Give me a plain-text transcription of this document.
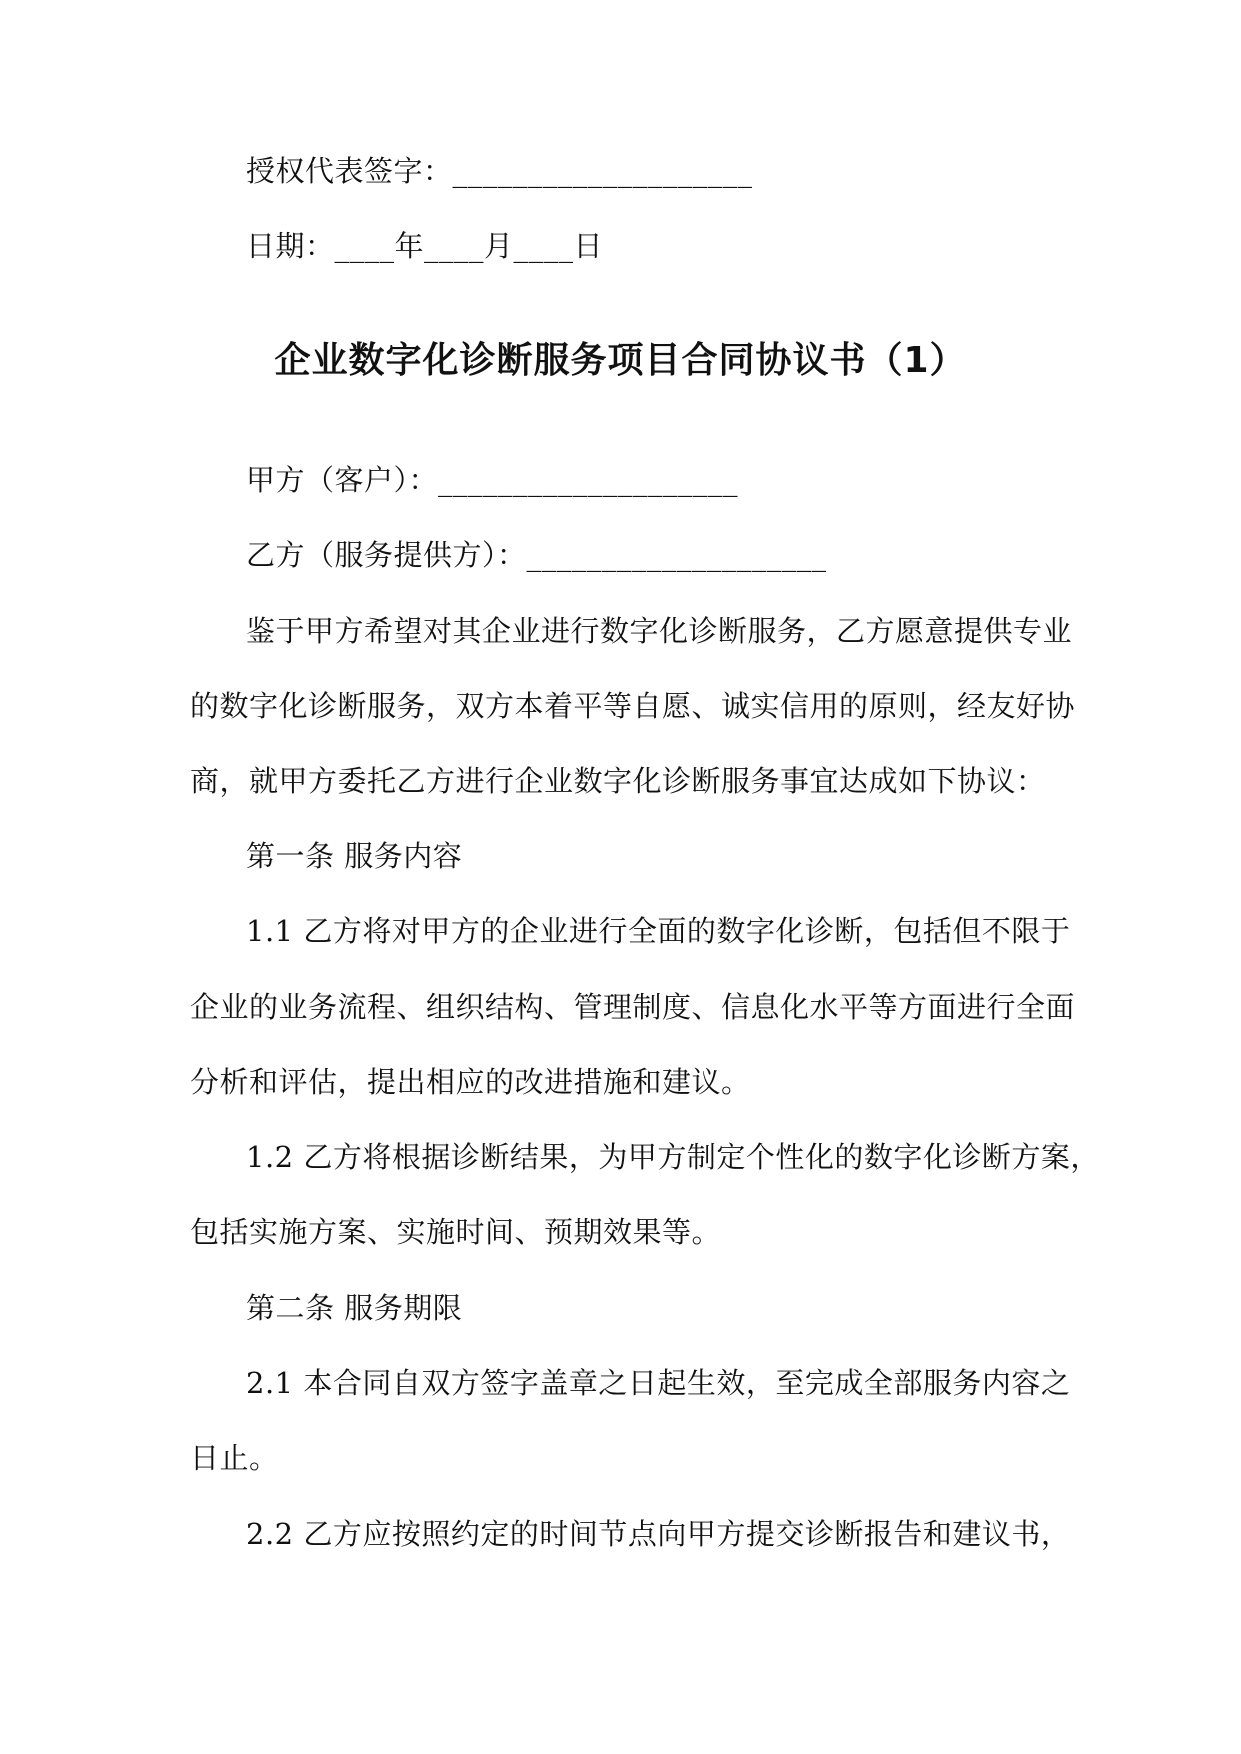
授权代表签字：____________________
日期：____年____月____日
企业数字化诊断服务项目合同协议书（1）
甲方（客户）：____________________
乙方（服务提供方）：____________________
鉴于甲方希望对其企业进行数字化诊断服务，乙方愿意提供专业
的数字化诊断服务，双方本着平等自愿、诚实信用的原则，经友好协
商，就甲方委托乙方进行企业数字化诊断服务事宜达成如下协议：
第一条 服务内容
1.1 乙方将对甲方的企业进行全面的数字化诊断，包括但不限于
企业的业务流程、组织结构、管理制度、信息化水平等方面进行全面
分析和评估，提出相应的改进措施和建议。
1.2 乙方将根据诊断结果，为甲方制定个性化的数字化诊断方案，
包括实施方案、实施时间、预期效果等。
第二条 服务期限
2.1 本合同自双方签字盖章之日起生效，至完成全部服务内容之
日止。
2.2 乙方应按照约定的时间节点向甲方提交诊断报告和建议书，
